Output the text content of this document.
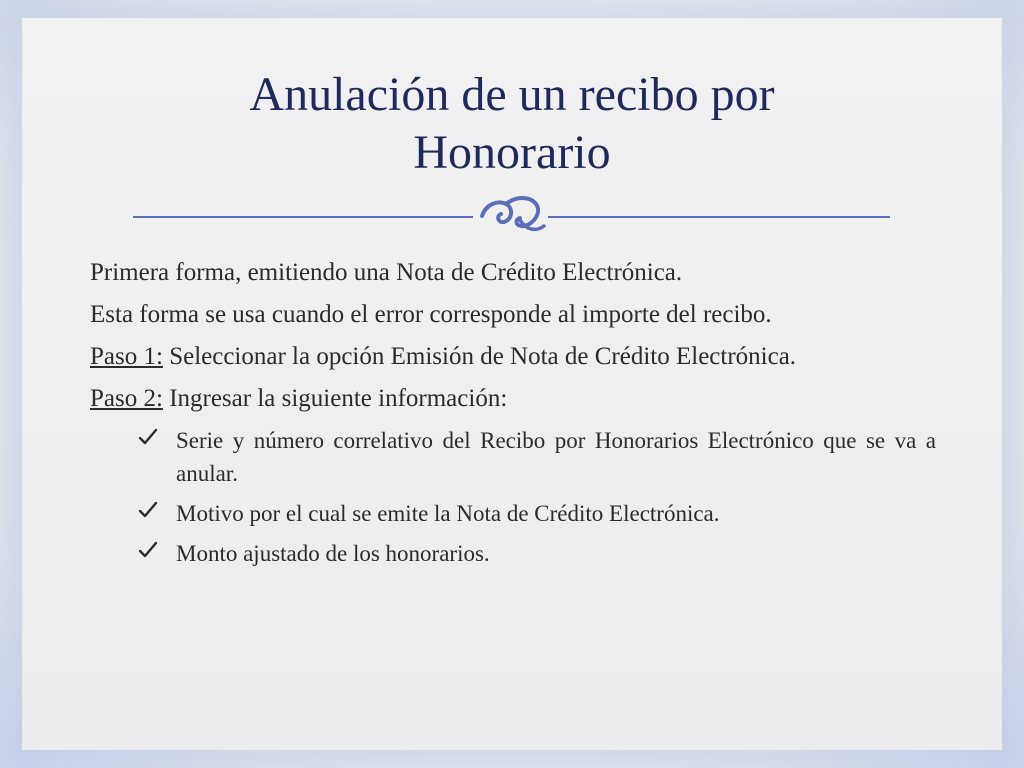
Anulación de un recibo por
Honorario

Primera forma, emitiendo una Nota de Crédito Electrónica.

Esta forma se usa cuando el error corresponde al importe del recibo.

Paso 1: Seleccionar la opción Emisión de Nota de Crédito Electrónica.

Paso 2: Ingresar la siguiente información:

Serie y número correlativo del Recibo por Honorarios Electrónico que se va a anular.
Motivo por el cual se emite la Nota de Crédito Electrónica.
Monto ajustado de los honorarios.
